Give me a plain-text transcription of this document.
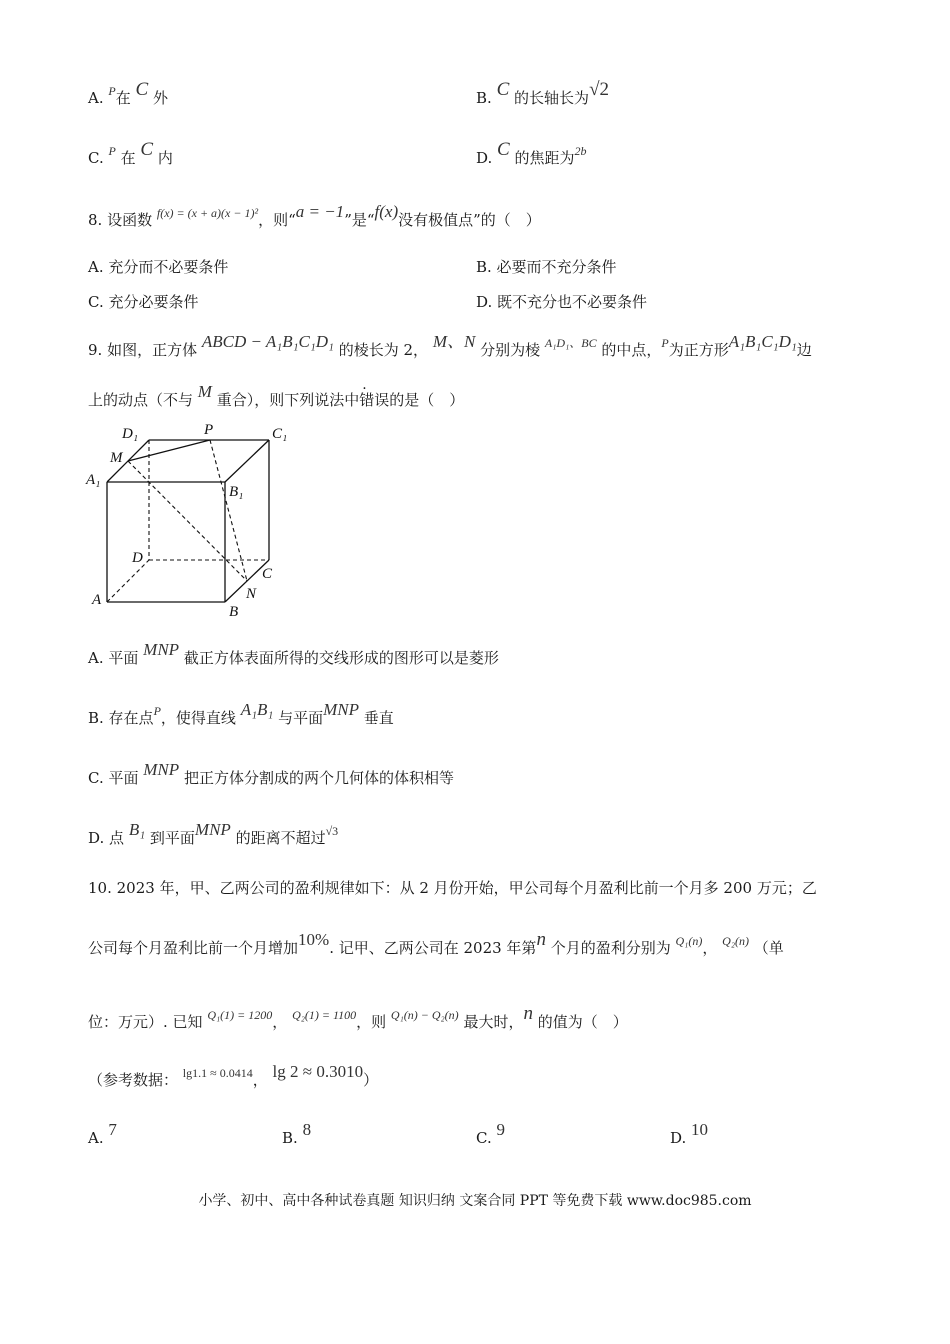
A. $^P$在 C 外	B. C 的长轴长为√2
C. $^P$ 在 C 内	D. C 的焦距为$^{2b}$
8. 设函数 $^{f(x) = (x + a)(x - 1)^2}$，则“a = −1”是“f(x)没有极值点”的（　）
A. 充分而不必要条件	B. 必要而不充分条件
C. 充分必要条件	D. 既不充分也不必要条件
9. 如图，正方体 ABCD − A₁B₁C₁D₁ 的棱长为 2， M、N 分别为棱 $^{A_1D_1、BC}$ 的中点，$^P$为正方形A₁B₁C₁D₁边
上的动点（不与 M 重合），则下列说法中错误的是（　）
D₁	P	C₁
M
A₁
B₁
D
C
A
B
N
A. 平面 MNP 截正方体表面所得的交线形成的图形可以是菱形
B. 存在点$^P$，使得直线 A₁B₁ 与平面MNP 垂直
C. 平面 MNP 把正方体分割成的两个几何体的体积相等
D. 点 B₁ 到平面MNP 的距离不超过$^{√3}$
10. 2023 年，甲、乙两公司的盈利规律如下：从 2 月份开始，甲公司每个月盈利比前一个月多 200 万元；乙
公司每个月盈利比前一个月增加10%. 记甲、乙两公司在 2023 年第n 个月的盈利分别为 $^{Q_1(n)}$， $^{Q_2(n)}$ （单
位：万元）. 已知 $^{Q_1(1) = 1200}$， $^{Q_2(1) = 1100}$，则 $^{Q_1(n) - Q_2(n)}$ 最大时，n 的值为（　）
（参考数据： $^{lg1.1 \approx 0.0414}$， lg 2 ≈ 0.3010）
A. 7	B. 8	C. 9	D. 10
小学、初中、高中各种试卷真题 知识归纳 文案合同 PPT 等免费下载 www.doc985.com
